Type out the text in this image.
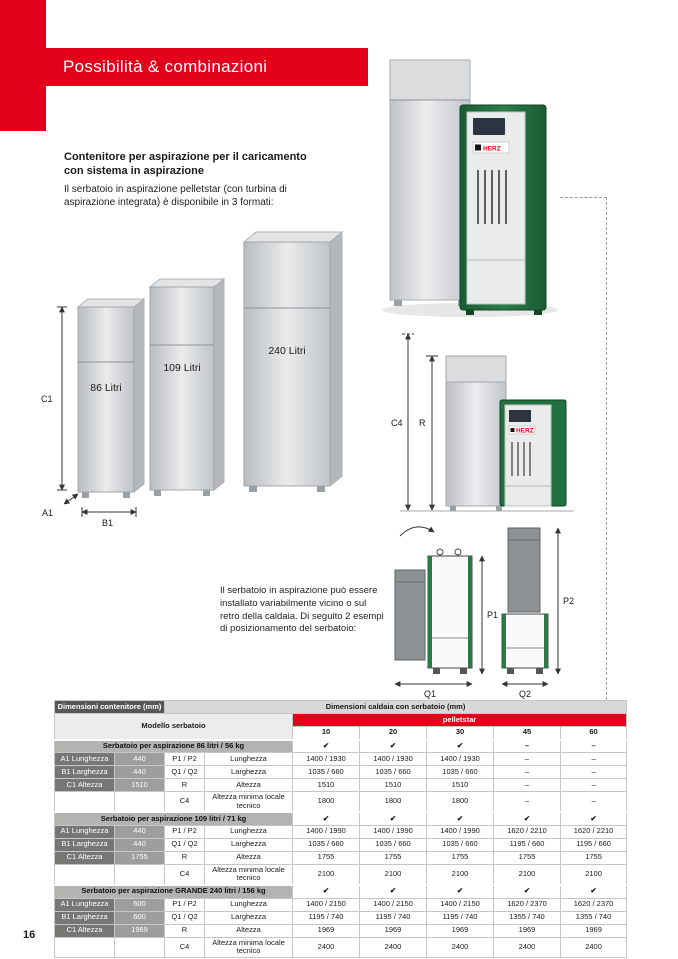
Possibilità & combinazioni
Contenitore per aspirazione per il caricamento con sistema in aspirazione

Il serbatoio in aspirazione pelletstar (con turbina di aspirazione integrata) è disponibile in 3 formati:

HERZ
C1
A1
B1
86 Litri
109 Litri
240 Litri
C4 R
HERZ

Il serbatoio in aspirazione può essere installato variabilmente vicino o sul retro della caldaia. Di seguito 2 esempi di posizionamento del serbatoio:

P1
Q1
P2
Q2
Dimensioni contenitore (mm)		Dimensioni caldaia con serbatoio (mm)						
Modello serbatoio				pelletstar				
				10	20	30	45	60
Serbatoio per aspirazione 86 litri / 56 kg				✔	✔	✔	–	–
A1 Lunghezza	440	P1 / P2	Lunghezza	1400 / 1930	1400 / 1930	1400 / 1930	–	–
B1 Larghezza	440	Q1 / Q2	Larghezza	1035 / 660	1035 / 660	1035 / 660	–	–
C1 Altezza	1510	R	Altezza	1510	1510	1510	–	–
		C4	Altezza minima locale tecnico	1800	1800	1800	–	–
Serbatoio per aspirazione 109 litri / 71 kg				✔	✔	✔	✔	✔
A1 Lunghezza	440	P1 / P2	Lunghezza	1400 / 1990	1400 / 1990	1400 / 1990	1620 / 2210	1620 / 2210
B1 Larghezza	440	Q1 / Q2	Larghezza	1035 / 660	1035 / 660	1035 / 660	1195 / 660	1195 / 660
C1 Altezza	1755	R	Altezza	1755	1755	1755	1755	1755
		C4	Altezza minima locale tecnico	2100	2100	2100	2100	2100
Serbatoio per aspirazione GRANDE 240 litri / 156 kg				✔	✔	✔	✔	✔
A1 Lunghezza	600	P1 / P2	Lunghezza	1400 / 2150	1400 / 2150	1400 / 2150	1620 / 2370	1620 / 2370
B1 Larghezza	600	Q1 / Q2	Larghezza	1195 / 740	1195 / 740	1195 / 740	1355 / 740	1355 / 740
C1 Altezza	1969	R	Altezza	1969	1969	1969	1969	1969
		C4	Altezza minima locale tecnico	2400	2400	2400	2400	2400
16
